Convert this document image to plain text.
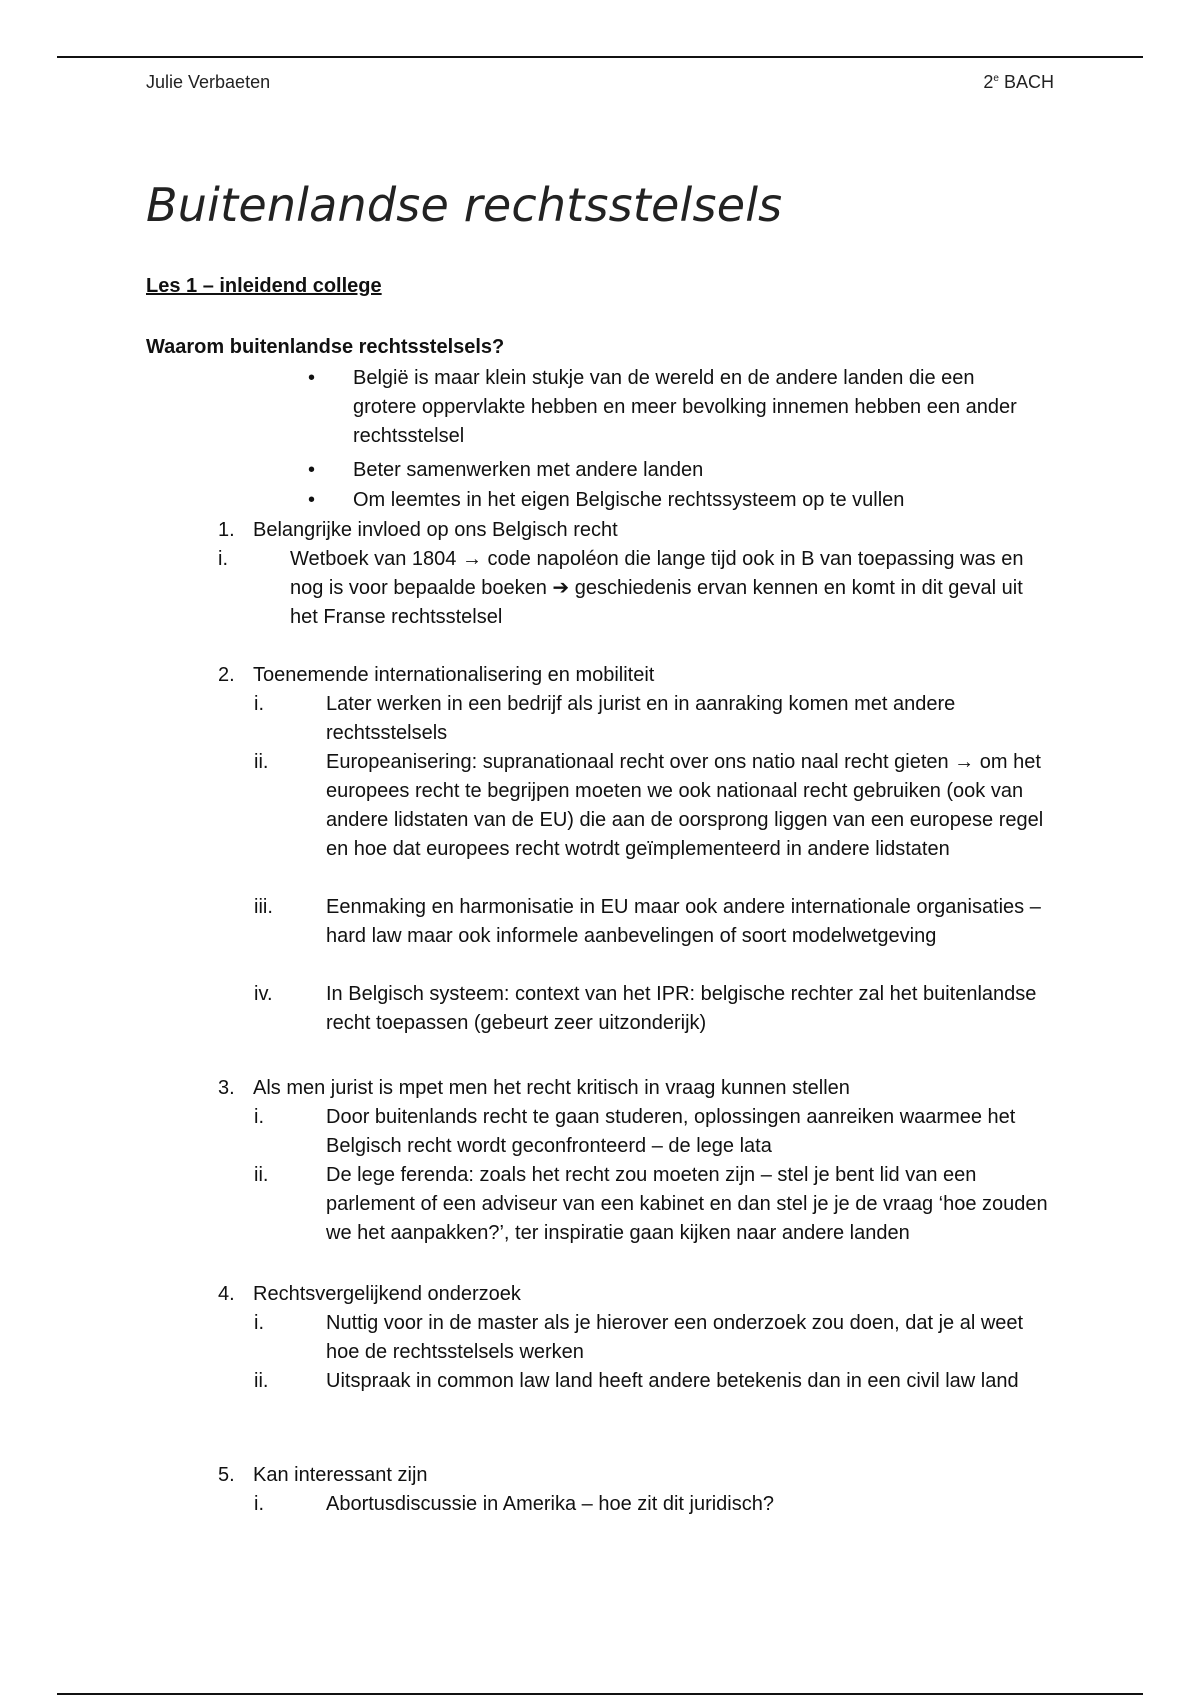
Julie Verbaeten	2e BACH
Buitenlandse rechtsstelsels
Les 1 – inleidend college
Waarom buitenlandse rechtsstelsels?
• België is maar klein stukje van de wereld en de andere landen die een grotere oppervlakte hebben en meer bevolking innemen hebben een ander rechtsstelsel
• Beter samenwerken met andere landen
• Om leemtes in het eigen Belgische rechtssysteem op te vullen
1. Belangrijke invloed op ons Belgisch recht
i.	Wetboek van 1804 → code napoléon die lange tijd ook in B van toepassing was en nog is voor bepaalde boeken ➔ geschiedenis ervan kennen en komt in dit geval uit het Franse rechtsstelsel
2. Toenemende internationalisering en mobiliteit
i.	Later werken in een bedrijf als jurist en in aanraking komen met andere rechtsstelsels
ii.	Europeanisering: supranationaal recht over ons natio naal recht gieten → om het europees recht te begrijpen moeten we ook nationaal recht gebruiken (ook van andere lidstaten van de EU) die aan de oorsprong liggen van een europese regel en hoe dat europees recht wotrdt geïmplementeerd in andere lidstaten
iii.	Eenmaking en harmonisatie in EU maar ook andere internationale organisaties – hard law maar ook informele aanbevelingen of soort modelwetgeving
iv.	In Belgisch systeem: context van het IPR: belgische rechter zal het buitenlandse recht toepassen (gebeurt zeer uitzonderijk)
3. Als men jurist is mpet men het recht kritisch in vraag kunnen stellen
i.	Door buitenlands recht te gaan studeren, oplossingen aanreiken waarmee het Belgisch recht wordt geconfronteerd – de lege lata
ii.	De lege ferenda: zoals het recht zou moeten zijn – stel je bent lid van een parlement of een adviseur van een kabinet en dan stel je je de vraag ‘hoe zouden we het aanpakken?’, ter inspiratie gaan kijken naar andere landen
4. Rechtsvergelijkend onderzoek
i.	Nuttig voor in de master als je hierover een onderzoek zou doen, dat je al weet hoe de rechtsstelsels werken
ii.	Uitspraak in common law land heeft andere betekenis dan in een civil law land
5. Kan interessant zijn
i.	Abortusdiscussie in Amerika – hoe zit dit juridisch?
